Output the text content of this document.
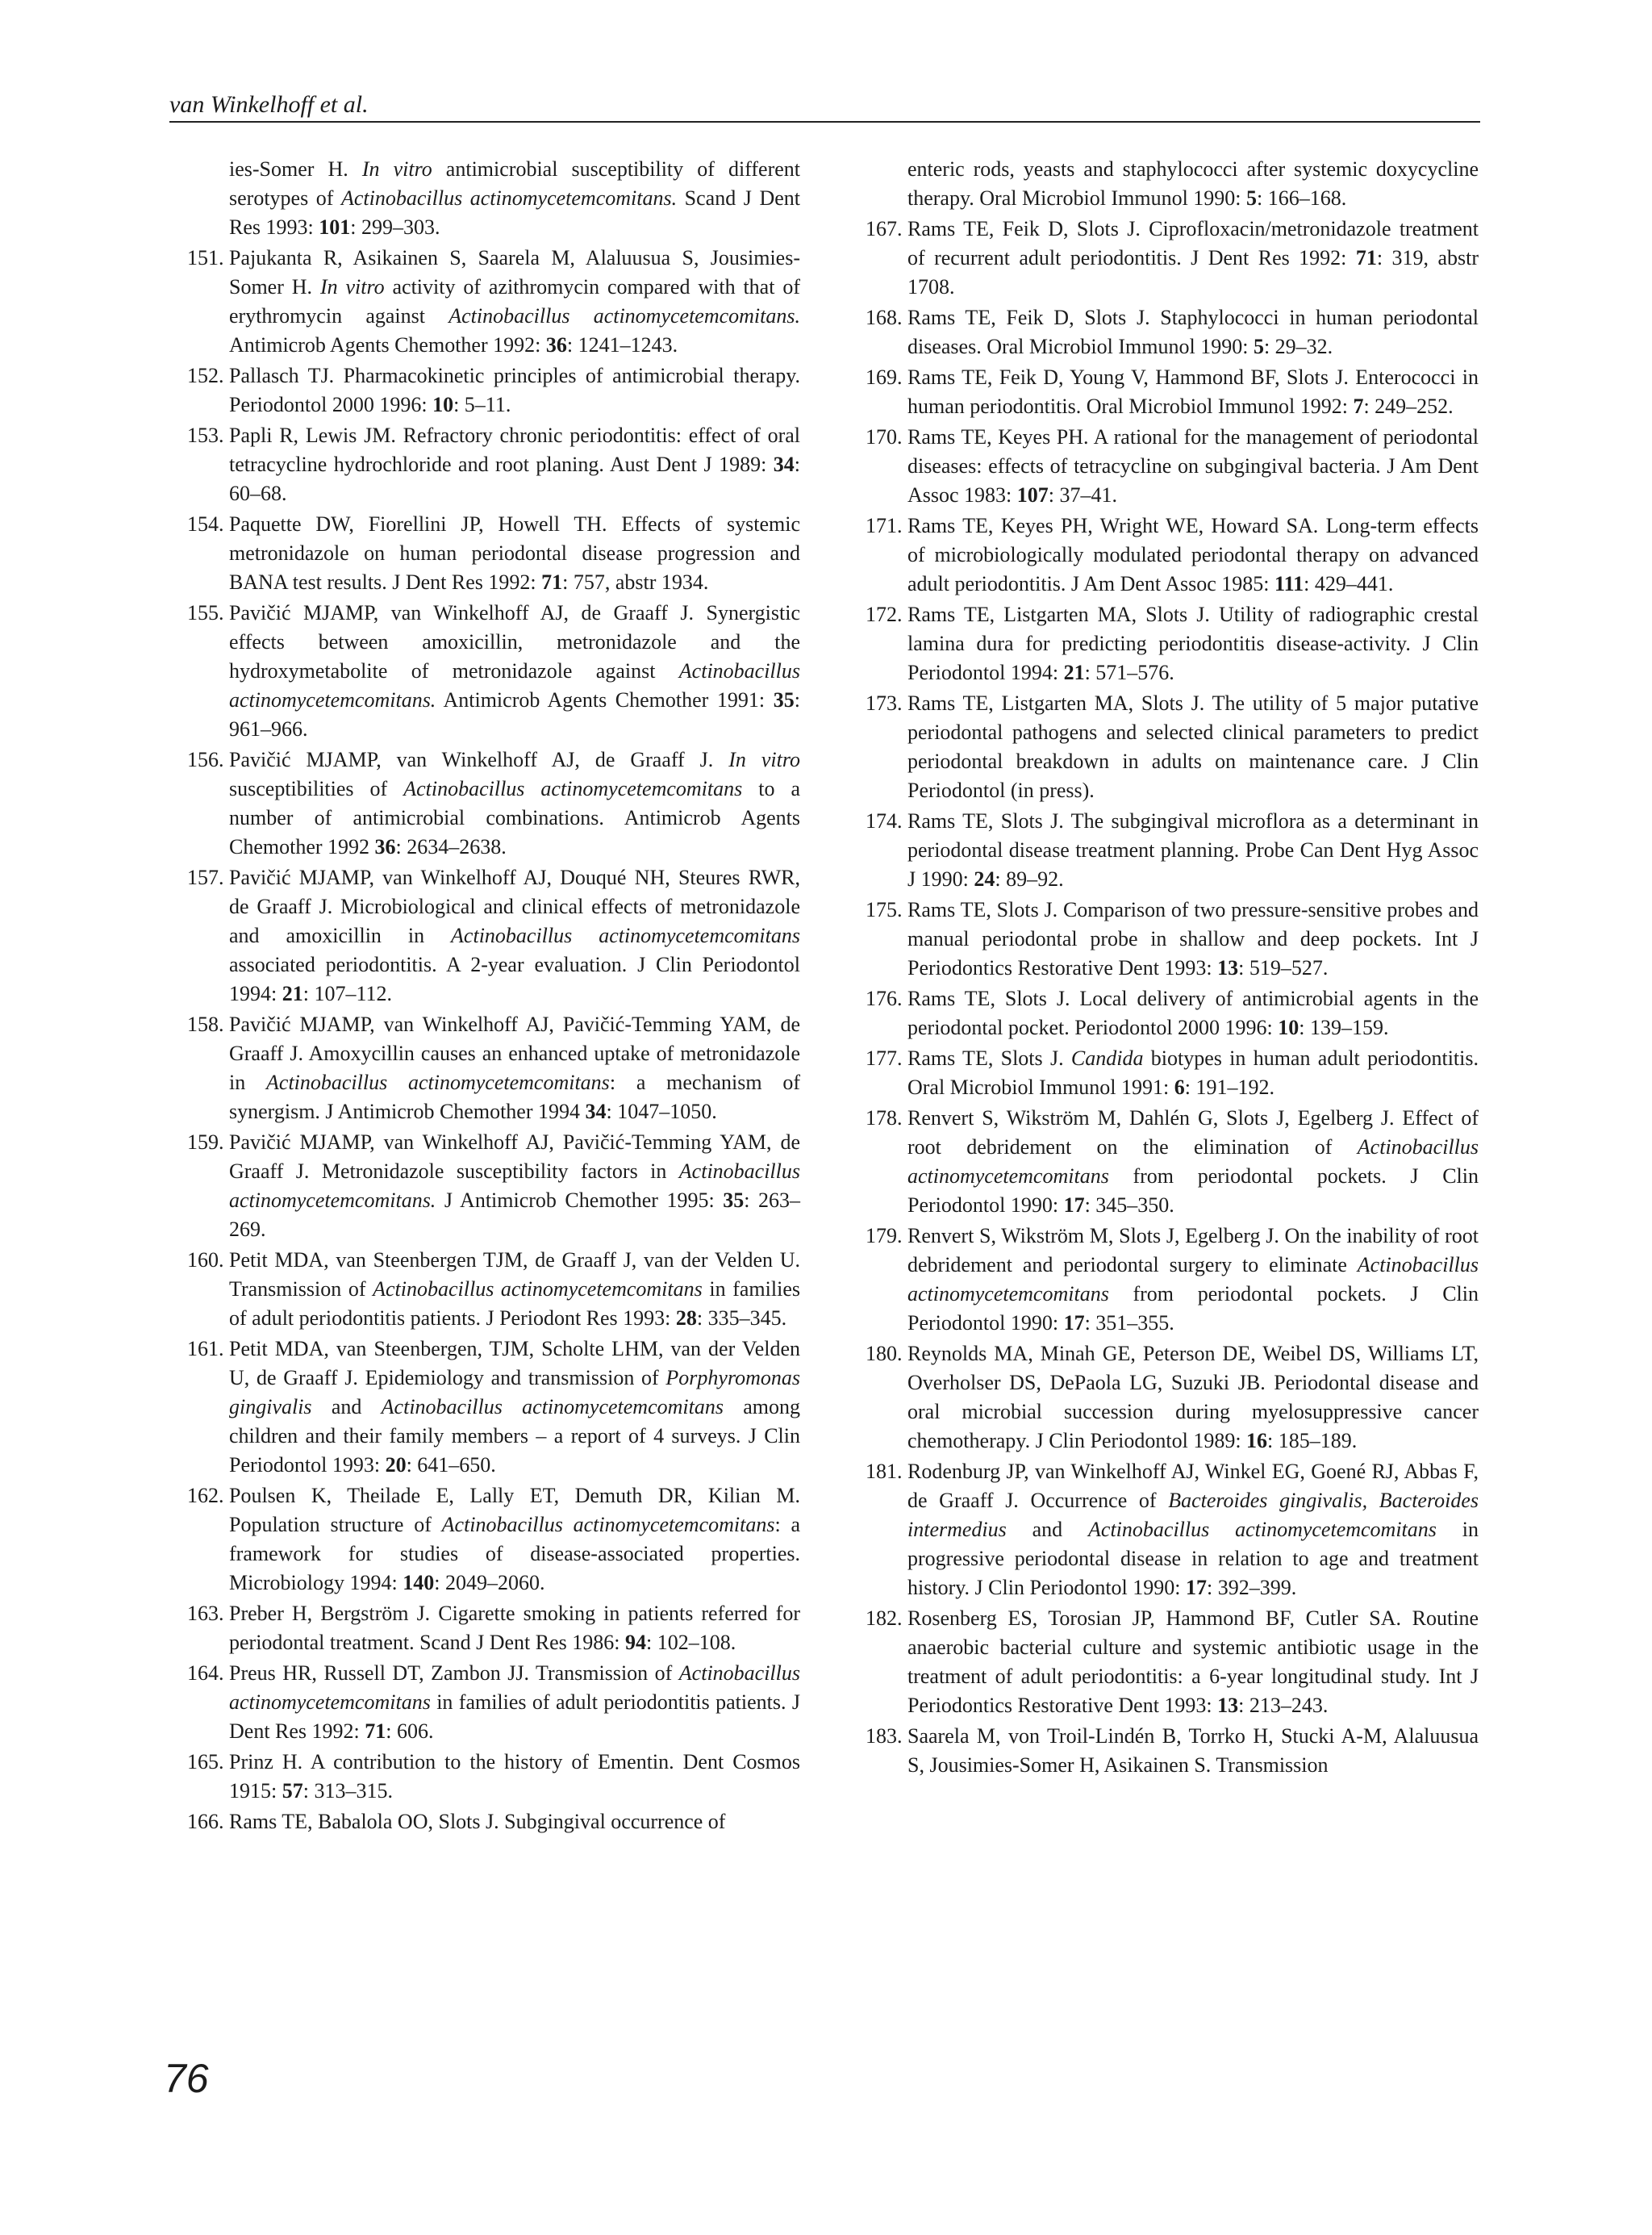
van Winkelhoff et al.

ies-Somer H. In vitro antimicrobial susceptibility of different serotypes of Actinobacillus actinomycetemcomitans. Scand J Dent Res 1993: 101: 299–303.

151. Pajukanta R, Asikainen S, Saarela M, Alaluusua S, Jousimies-Somer H. In vitro activity of azithromycin compared with that of erythromycin against Actinobacillus actinomycetemcomitans. Antimicrob Agents Chemother 1992: 36: 1241–1243.

152. Pallasch TJ. Pharmacokinetic principles of antimicrobial therapy. Periodontol 2000 1996: 10: 5–11.

153. Papli R, Lewis JM. Refractory chronic periodontitis: effect of oral tetracycline hydrochloride and root planing. Aust Dent J 1989: 34: 60–68.

154. Paquette DW, Fiorellini JP, Howell TH. Effects of systemic metronidazole on human periodontal disease progression and BANA test results. J Dent Res 1992: 71: 757, abstr 1934.

155. Pavičić MJAMP, van Winkelhoff AJ, de Graaff J. Synergistic effects between amoxicillin, metronidazole and the hydroxymetabolite of metronidazole against Actinobacillus actinomycetemcomitans. Antimicrob Agents Chemother 1991: 35: 961–966.

156. Pavičić MJAMP, van Winkelhoff AJ, de Graaff J. In vitro susceptibilities of Actinobacillus actinomycetemcomitans to a number of antimicrobial combinations. Antimicrob Agents Chemother 1992 36: 2634–2638.

157. Pavičić MJAMP, van Winkelhoff AJ, Douqué NH, Steures RWR, de Graaff J. Microbiological and clinical effects of metronidazole and amoxicillin in Actinobacillus actinomycetemcomitans associated periodontitis. A 2-year evaluation. J Clin Periodontol 1994: 21: 107–112.

158. Pavičić MJAMP, van Winkelhoff AJ, Pavičić-Temming YAM, de Graaff J. Amoxycillin causes an enhanced uptake of metronidazole in Actinobacillus actinomycetemcomitans: a mechanism of synergism. J Antimicrob Chemother 1994 34: 1047–1050.

159. Pavičić MJAMP, van Winkelhoff AJ, Pavičić-Temming YAM, de Graaff J. Metronidazole susceptibility factors in Actinobacillus actinomycetemcomitans. J Antimicrob Chemother 1995: 35: 263–269.

160. Petit MDA, van Steenbergen TJM, de Graaff J, van der Velden U. Transmission of Actinobacillus actinomycetemcomitans in families of adult periodontitis patients. J Periodont Res 1993: 28: 335–345.

161. Petit MDA, van Steenbergen, TJM, Scholte LHM, van der Velden U, de Graaff J. Epidemiology and transmission of Porphyromonas gingivalis and Actinobacillus actinomycetemcomitans among children and their family members – a report of 4 surveys. J Clin Periodontol 1993: 20: 641–650.

162. Poulsen K, Theilade E, Lally ET, Demuth DR, Kilian M. Population structure of Actinobacillus actinomycetemcomitans: a framework for studies of disease-associated properties. Microbiology 1994: 140: 2049–2060.

163. Preber H, Bergström J. Cigarette smoking in patients referred for periodontal treatment. Scand J Dent Res 1986: 94: 102–108.

164. Preus HR, Russell DT, Zambon JJ. Transmission of Actinobacillus actinomycetemcomitans in families of adult periodontitis patients. J Dent Res 1992: 71: 606.

165. Prinz H. A contribution to the history of Ementin. Dent Cosmos 1915: 57: 313–315.

166. Rams TE, Babalola OO, Slots J. Subgingival occurrence of

enteric rods, yeasts and staphylococci after systemic doxycycline therapy. Oral Microbiol Immunol 1990: 5: 166–168.

167. Rams TE, Feik D, Slots J. Ciprofloxacin/metronidazole treatment of recurrent adult periodontitis. J Dent Res 1992: 71: 319, abstr 1708.

168. Rams TE, Feik D, Slots J. Staphylococci in human periodontal diseases. Oral Microbiol Immunol 1990: 5: 29–32.

169. Rams TE, Feik D, Young V, Hammond BF, Slots J. Enterococci in human periodontitis. Oral Microbiol Immunol 1992: 7: 249–252.

170. Rams TE, Keyes PH. A rational for the management of periodontal diseases: effects of tetracycline on subgingival bacteria. J Am Dent Assoc 1983: 107: 37–41.

171. Rams TE, Keyes PH, Wright WE, Howard SA. Long-term effects of microbiologically modulated periodontal therapy on advanced adult periodontitis. J Am Dent Assoc 1985: 111: 429–441.

172. Rams TE, Listgarten MA, Slots J. Utility of radiographic crestal lamina dura for predicting periodontitis disease-activity. J Clin Periodontol 1994: 21: 571–576.

173. Rams TE, Listgarten MA, Slots J. The utility of 5 major putative periodontal pathogens and selected clinical parameters to predict periodontal breakdown in adults on maintenance care. J Clin Periodontol (in press).

174. Rams TE, Slots J. The subgingival microflora as a determinant in periodontal disease treatment planning. Probe Can Dent Hyg Assoc J 1990: 24: 89–92.

175. Rams TE, Slots J. Comparison of two pressure-sensitive probes and manual periodontal probe in shallow and deep pockets. Int J Periodontics Restorative Dent 1993: 13: 519–527.

176. Rams TE, Slots J. Local delivery of antimicrobial agents in the periodontal pocket. Periodontol 2000 1996: 10: 139–159.

177. Rams TE, Slots J. Candida biotypes in human adult periodontitis. Oral Microbiol Immunol 1991: 6: 191–192.

178. Renvert S, Wikström M, Dahlén G, Slots J, Egelberg J. Effect of root debridement on the elimination of Actinobacillus actinomycetemcomitans from periodontal pockets. J Clin Periodontol 1990: 17: 345–350.

179. Renvert S, Wikström M, Slots J, Egelberg J. On the inability of root debridement and periodontal surgery to eliminate Actinobacillus actinomycetemcomitans from periodontal pockets. J Clin Periodontol 1990: 17: 351–355.

180. Reynolds MA, Minah GE, Peterson DE, Weibel DS, Williams LT, Overholser DS, DePaola LG, Suzuki JB. Periodontal disease and oral microbial succession during myelosuppressive cancer chemotherapy. J Clin Periodontol 1989: 16: 185–189.

181. Rodenburg JP, van Winkelhoff AJ, Winkel EG, Goené RJ, Abbas F, de Graaff J. Occurrence of Bacteroides gingivalis, Bacteroides intermedius and Actinobacillus actinomycetemcomitans in progressive periodontal disease in relation to age and treatment history. J Clin Periodontol 1990: 17: 392–399.

182. Rosenberg ES, Torosian JP, Hammond BF, Cutler SA. Routine anaerobic bacterial culture and systemic antibiotic usage in the treatment of adult periodontitis: a 6-year longitudinal study. Int J Periodontics Restorative Dent 1993: 13: 213–243.

183. Saarela M, von Troil-Lindén B, Torrko H, Stucki A-M, Alaluusua S, Jousimies-Somer H, Asikainen S. Transmission

76
